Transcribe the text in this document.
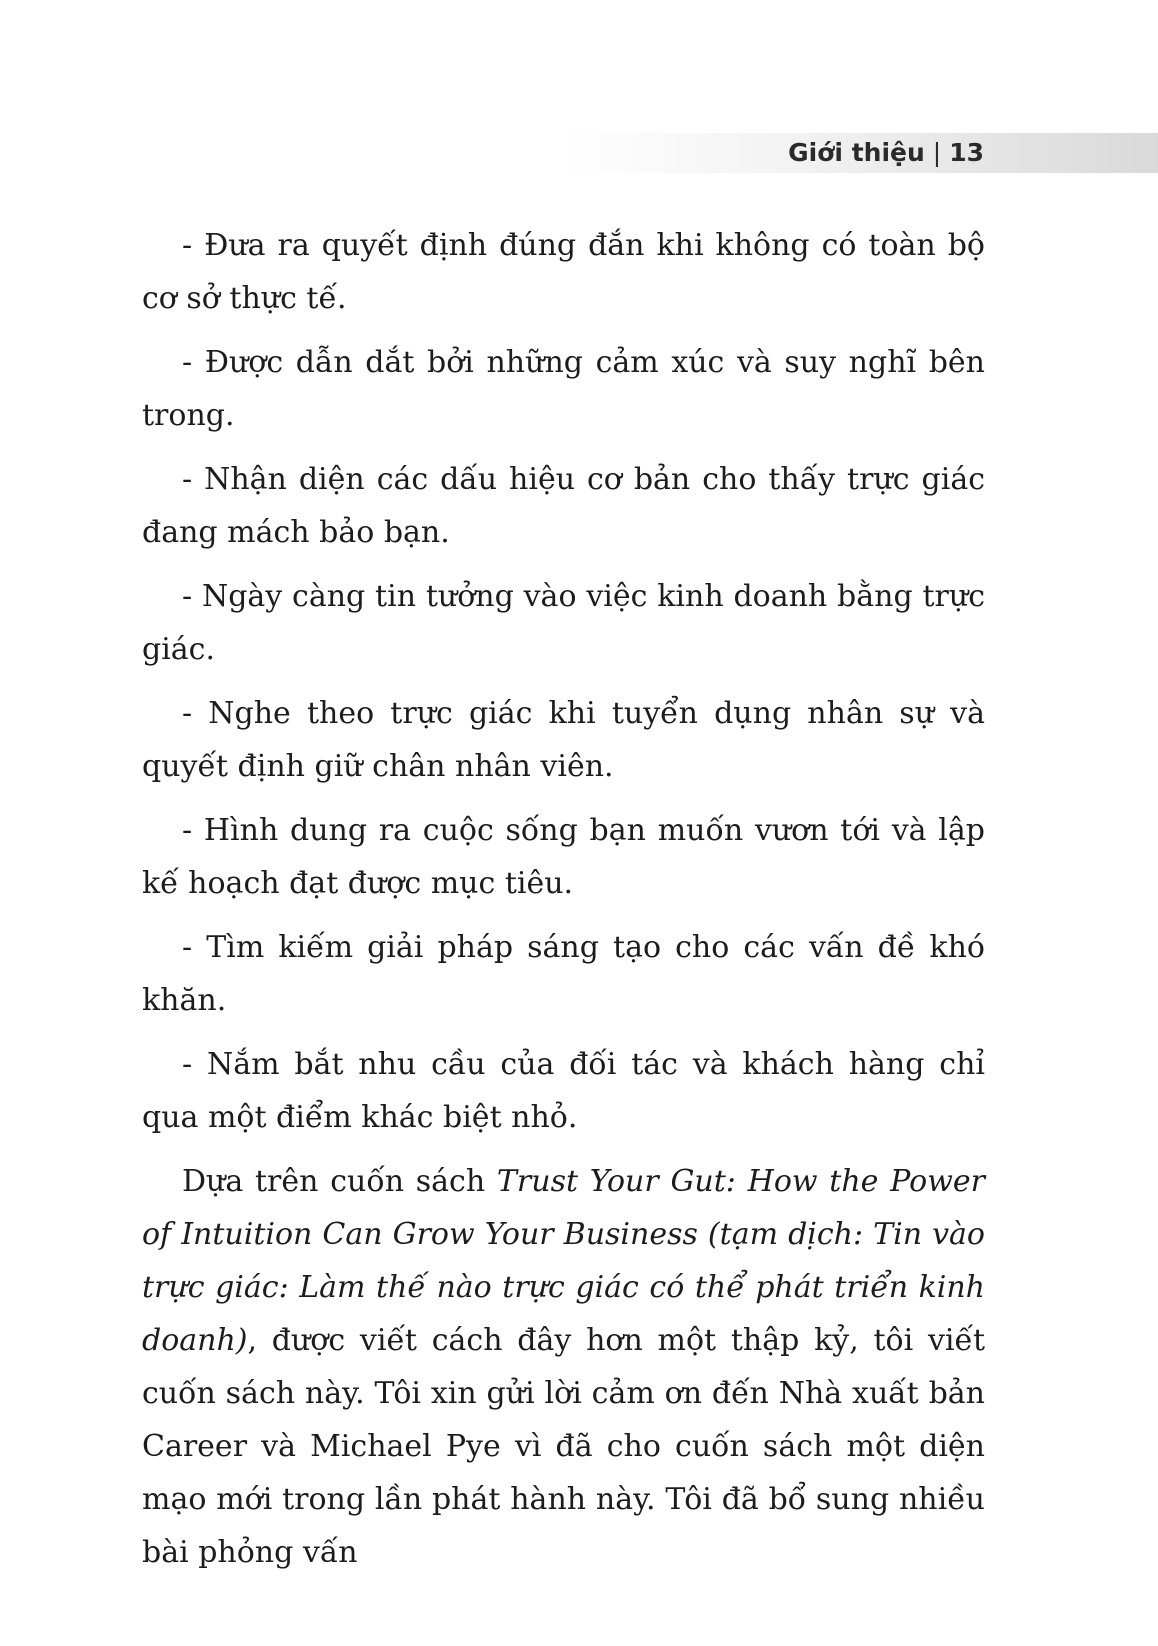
Giới thiệu | 13

- Đưa ra quyết định đúng đắn khi không có toàn bộ cơ sở thực tế.

- Được dẫn dắt bởi những cảm xúc và suy nghĩ bên trong.

- Nhận diện các dấu hiệu cơ bản cho thấy trực giác đang mách bảo bạn.

- Ngày càng tin tưởng vào việc kinh doanh bằng trực giác.

- Nghe theo trực giác khi tuyển dụng nhân sự và quyết định giữ chân nhân viên.

- Hình dung ra cuộc sống bạn muốn vươn tới và lập kế hoạch đạt được mục tiêu.

- Tìm kiếm giải pháp sáng tạo cho các vấn đề khó khăn.

- Nắm bắt nhu cầu của đối tác và khách hàng chỉ qua một điểm khác biệt nhỏ.

Dựa trên cuốn sách Trust Your Gut: How the Power of Intuition Can Grow Your Business (tạm dịch: Tin vào trực giác: Làm thế nào trực giác có thể phát triển kinh doanh), được viết cách đây hơn một thập kỷ, tôi viết cuốn sách này. Tôi xin gửi lời cảm ơn đến Nhà xuất bản Career và Michael Pye vì đã cho cuốn sách một diện mạo mới trong lần phát hành này. Tôi đã bổ sung nhiều bài phỏng vấn
